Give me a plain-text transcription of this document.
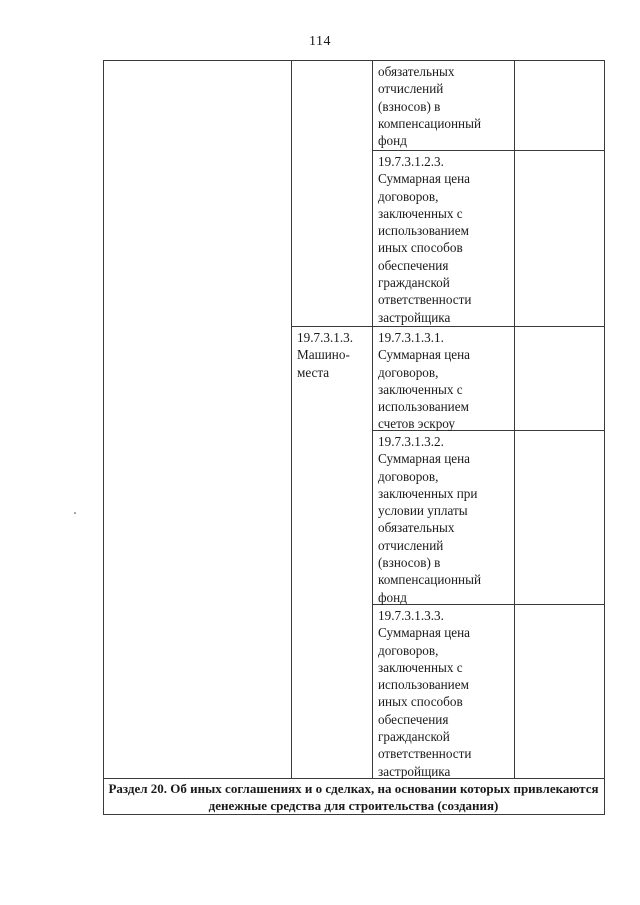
114
обязательных
отчислений
(взносов) в
компенсационный
фонд
19.7.3.1.2.3.
Суммарная цена
договоров,
заключенных с
использованием
иных способов
обеспечения
гражданской
ответственности
застройщика
19.7.3.1.3.
Машино-
места
19.7.3.1.3.1.
Суммарная цена
договоров,
заключенных с
использованием
счетов эскроу
19.7.3.1.3.2.
Суммарная цена
договоров,
заключенных при
условии уплаты
обязательных
отчислений
(взносов) в
компенсационный
фонд
19.7.3.1.3.3.
Суммарная цена
договоров,
заключенных с
использованием
иных способов
обеспечения
гражданской
ответственности
застройщика
Раздел 20. Об иных соглашениях и о сделках, на основании которых привлекаются денежные средства для строительства (создания)
